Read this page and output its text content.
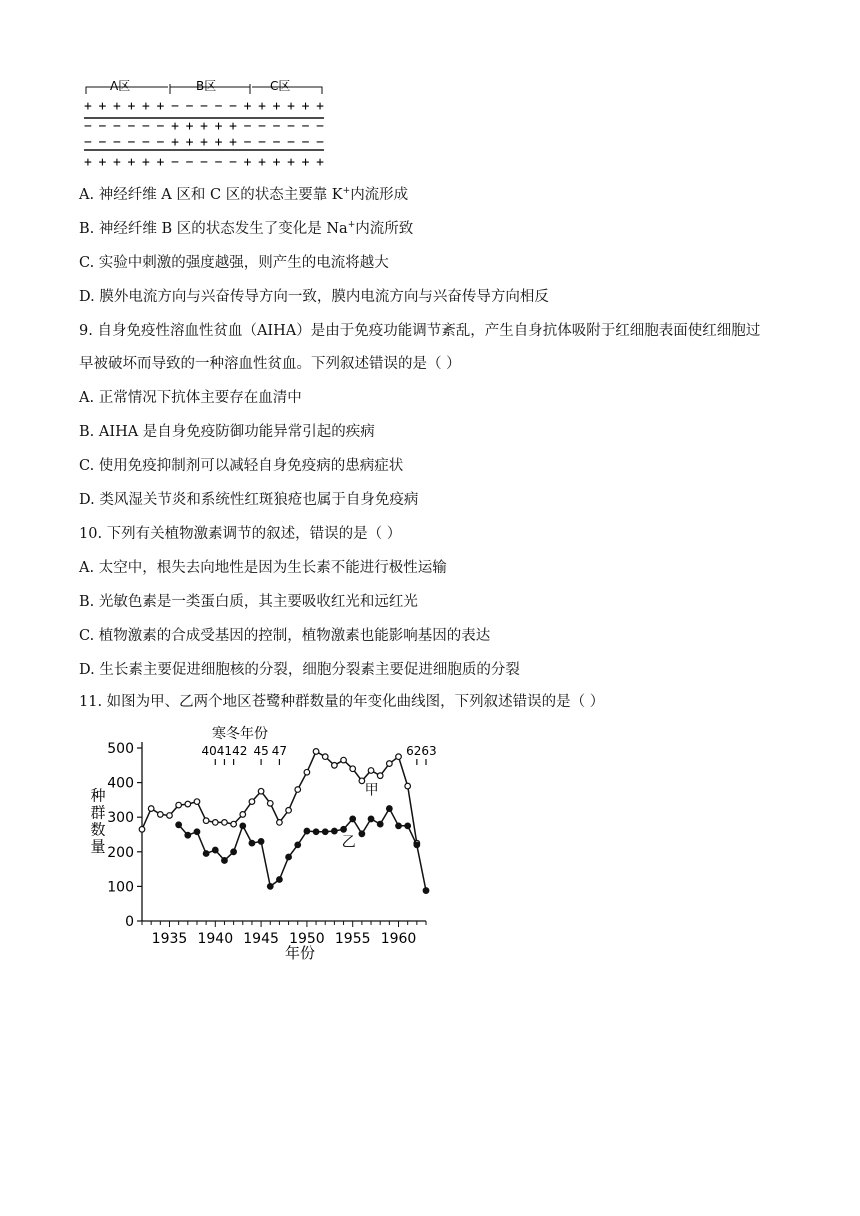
A区	B区	C区
+ + + + + + − − − − − + + + + + +
− − − − − − + + + + + − − − − − −
− − − − − − + + + + + − − − − − −
+ + + + + + − − − − − + + + + + +
A. 神经纤维 A 区和 C 区的状态主要靠 K+内流形成
B. 神经纤维 B 区的状态发生了变化是 Na+内流所致
C. 实验中刺激的强度越强，则产生的电流将越大
D. 膜外电流方向与兴奋传导方向一致，膜内电流方向与兴奋传导方向相反
9. 自身免疫性溶血性贫血（AIHA）是由于免疫功能调节紊乱，产生自身抗体吸附于红细胞表面使红细胞过
早被破坏而导致的一种溶血性贫血。下列叙述错误的是（ ）
A. 正常情况下抗体主要存在血清中
B. AIHA 是自身免疫防御功能异常引起的疾病
C. 使用免疫抑制剂可以减轻自身免疫病的患病症状
D. 类风湿关节炎和系统性红斑狼疮也属于自身免疫病
10. 下列有关植物激素调节的叙述，错误的是（ ）
A. 太空中，根失去向地性是因为生长素不能进行极性运输
B. 光敏色素是一类蛋白质，其主要吸收红光和远红光
C. 植物激素的合成受基因的控制，植物激素也能影响基因的表达
D. 生长素主要促进细胞核的分裂，细胞分裂素主要促进细胞质的分裂
11. 如图为甲、乙两个地区苍鹭种群数量的年变化曲线图，下列叙述错误的是（ ）
0
100
200
300
400
500
1935 1940 1945 1950 1955 1960
404142 45 47	6263
甲
乙
种群数量
年份
寒冬年份
